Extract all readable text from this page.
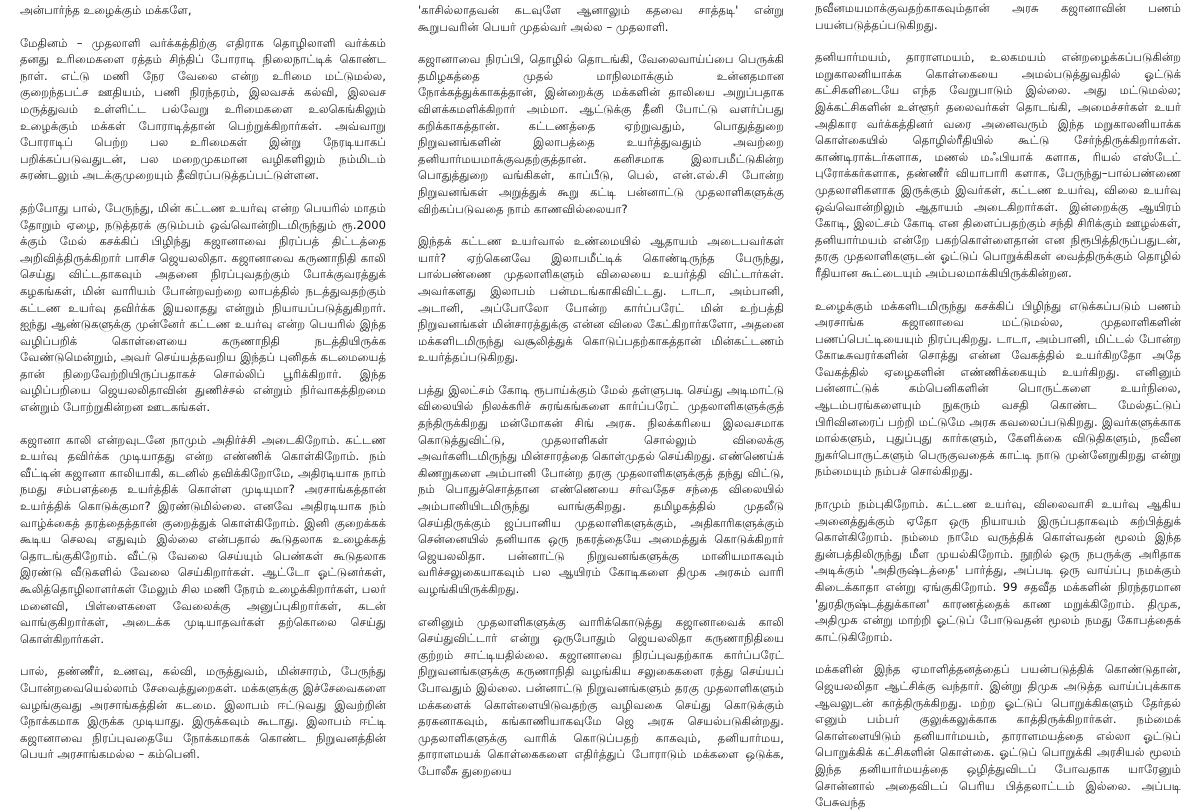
அன்பார்ந்த உழைக்கும் மக்களே,

மேதினம் – முதலாளி வர்க்கத்திற்கு எதிராக தொழிலாளி வர்க்கம் தனது உரிமைகளை ரத்தம் சிந்திப் போராடி நிலைநாட்டிக் கொண்ட நாள். எட்டு மணி நேர வேலை என்ற உரிமை மட்டுமல்ல, குறைந்தபட்ச ஊதியம், பணி நிரந்தரம், இலவசக் கல்வி, இலவச மருத்துவம் உள்ளிட்ட பல்வேறு உரிமைகளை உலகெங்கிலும் உழைக்கும் மக்கள் போராடித்தான் பெற்றுக்கிறார்கள். அவ்வாறு போராடிப் பெற்ற பல உரிமைகள் இன்று நேரடியாகப் பறிக்கப்படுவதுடன், பல மறைமுகமான வழிகளிலும் நம்மிடம் சுரண்டலும் அடக்குமுறையும் தீவிரப்படுத்தப்பட்டுள்ளன.

தற்போது பால், பேருந்து, மின் கட்டண உயர்வு என்ற பெயரில் மாதம் தோறும் ஏழை, நடுத்தரக் குடும்பம் ஒவ்வொன்றிடமிருந்தும் ரூ.2000 க்கும் மேல் கசக்கிப் பிழிந்து கஜானாவை நிரப்பத் திட்டத்தை அறிவித்திருக்கிறார் பாசிச ஜெயலலிதா. கஜானாவை கருணாநிதி காலி செய்து விட்டதாகவும் அதனை நிரப்புவதற்கும் போக்குவரத்துக் கழகங்கள், மின் வாரியம் போன்றவற்றை லாபத்தில் நடத்துவதற்கும் கட்டண உயர்வு தவிர்க்க இயலாதது என்றும் நியாயப்படுத்துகிறார். ஐந்து ஆண்டுகளுக்கு முன்னேர் கட்டண உயர்வு என்ற பெயரில் இந்த வழிப்பறிக் கொள்ளையை கருணாநிதி நடத்தியிருக்க வேண்டுமென்றும், அவர் செய்யத்தவறிய இந்தப் புனிதக் கடமையைத் தான் நிறைவேற்றியிருப்பதாகச் சொல்லிப் பூரிக்கிறார். இந்த வழிப்பறியை ஜெயலலிதாவின் துணிச்சல் என்றும் நிர்வாகத்திறமை என்றும் போற்றுகின்றன ஊடகங்கள்.

கஜானா காலி என்றவுடனே நாமும் அதிர்ச்சி அடைகிறோம். கட்டண உயர்வு தவிர்க்க முடியாதது என்ற எண்ணிக் கொள்கிறோம். நம் வீட்டின் கஜானா காலியாகி, கடனில் தவிக்கிறோமே, அதிரடியாக நாம் நமது சம்பளத்தை உயர்த்திக் கொள்ள முடியுமா? அரசாங்கத்தான் உயர்த்திக் கொடுக்குமா? இரண்டுமில்லை. எனவே அதிரடியாக நம் வாழ்க்கைத் தரத்தைத்தான் குறைத்துக் கொள்கிறோம். இனி குறைக்கக் கூடிய செலவு எதுவும் இல்லை என்பதால் கூடுதலாக உழைக்கத் தொடங்குகிறோம். வீட்டு வேலை செய்யும் பெண்கள் கூடுதலாக இரண்டு வீடுகளில் வேலை செய்கிறார்கள். ஆட்டோ ஓட்டுனர்கள், கூலித்தொழிலாளர்கள் மேலும் சில மணி நேரம் உழைக்கிறார்கள், பலர் மனைவி, பிள்ளைகளை வேலைக்கு அனுப்புகிறார்கள், கடன் வாங்குகிறார்கள், அடைக்க முடியாதவர்கள் தற்கொலை செய்து கொள்கிறார்கள்.

பால், தண்ணீர், உணவு, கல்வி, மருத்துவம், மின்சாரம், பேருந்து போன்றவையெல்லாம் சேவைத்துறைகள். மக்களுக்கு இச்சேவைகளை வழங்குவது அரசாங்கத்தின் கடமை. இலாபம் ஈட்டுவது இவற்றின் நோக்கமாக இருக்க முடியாது. இருக்கவும் கூடாது. இலாபம் ஈட்டி கஜானாவை நிரப்புவதையே நோக்கமாகக் கொண்ட நிறுவனத்தின் பெயர் அரசாங்கமல்ல – கம்பெனி.

'காசில்லாதவன் கடவுளே ஆனாலும் கதவை சாத்தடி' என்று கூறுபவரின் பெயர் முதல்வர் அல்ல – முதலாளி.

கஜானாவை நிரப்பி, தொழில் தொடங்கி, வேலைவாய்ப்பை பெருக்கி தமிழகத்தை முதல் மாநிலமாக்கும் உன்னதமான நோக்கத்துக்காகத்தான், இன்றைக்கு மக்களின் தாலியை அறுப்பதாக விளக்கமளிக்கிறார் அம்மா. ஆட்டுக்கு தீனி போட்டு வளர்ப்பது கறிக்காகத்தான். கட்டணத்தை ஏற்றுவதும், பொதுத்துறை நிறுவனங்களின் இலாபத்தை உயர்த்துவதும் அவற்றை தனியார்மயமாக்குவதற்குத்தான். கனிசமாக இலாபமீட்டுகின்ற பொதுத்துறை வங்கிகள், காப்பீடு, பெல், என்.எல்.சி போன்ற நிறுவனங்கள் அறுத்துக் கூறு கட்டி பன்னாட்டு முதலாளிகளுக்கு விற்கப்படுவதை நாம் காணவில்லையா?

இந்தக் கட்டண உயர்வால் உண்மையில் ஆதாயம் அடைபவர்கள் யார்? ஏற்கெனவே இலாபமீட்டிக் கொண்டிருந்த பேருந்து, பால்பண்ணை முதலாளிகளும் விலையை உயர்த்தி விட்டார்கள். அவர்களது இலாபம் பன்மடங்காகிவிட்டது. டாடா, அம்பானி, அடானி, அப்போலோ போன்ற கார்ப்பரேட் மின் உற்பத்தி நிறுவனங்கள் மின்சாரத்துக்கு என்ன விலை கேட்கிறார்களோ, அதனை மக்களிடமிருந்து வசூலித்துக் கொடுப்பதற்காகத்தான் மின்கட்டணம் உயர்த்தப்படுகிறது.

பத்து இலட்சம் கோடி ரூபாய்க்கும் மேல் தள்ளுபடி செய்து அடிமாட்டு விலையில் நிலக்கரிச் சுரங்கங்களை கார்ப்பரேட் முதலாளிகளுக்குத் தந்திருக்கிறது மன்மோகன் சிங் அரசு. நிலக்கரியை இலவசமாக கொடுத்துவிட்டு, முதலாளிகள் சொல்லும் விலைக்கு அவர்களிடமிருந்து மின்சாரத்தை கொள்முதல் செய்கிறது. எண்ணெய்க் கிணறுகளை அம்பானி போன்ற தரகு முதலாளிகளுக்குத் தந்து விட்டு, நம் பொதுச்சொத்தான எண்ணெயை சர்வதேச சந்தை விலையில் அம்பானியிடமிருந்து வாங்குகிறது. தமிழகத்தில் முதலீடு செய்திருக்கும் ஜப்பானிய முதலாளிகளுக்கும், அதிகாரிகளுக்கும் சென்னையில் தனியாக ஒரு நகரத்தையே அமைத்துக் கொடுக்கிறார் ஜெயலலிதா. பன்னாட்டு நிறுவனங்களுக்கு மானியமாகவும் வரிச்சலுகையாகவும் பல ஆயிரம் கோடிகளை திமுக அரசும் வாரி வழங்கியிருக்கிறது.

எனினும் முதலாளிகளுக்கு வாரிக்கொடுத்து கஜானாவைக் காலி செய்துவிட்டார் என்று ஒருபோதும் ஜெயலலிதா கருணாநிதியை குற்றம் சாட்டியதில்லை. கஜானாவை நிரப்புவதற்காக கார்ப்பரேட் நிறுவனங்களுக்கு கருணாநிதி வழங்கிய சலுகைகளை ரத்து செய்யப் போவதும் இல்லை. பன்னாட்டு நிறுவனங்களும் தரகு முதலாளிகளும் மக்களைக் கொள்ளையிடுவதற்கு வழிவகை செய்து கொடுக்கும் தரகனாகவும், கங்காணியாகவுமே ஜெ அரசு செயல்படுகின்றது. முதலாளிகளுக்கு வாரிக் கொடுப்பதற் காகவும், தனியார்மய, தாராளமயக் கொள்கைகளை எதிர்த்துப் போராடும் மக்களை ஒடுக்க, போலீசு துறையை

நவீனமயமாக்குவதற்காகவும்தான் அரசு கஜானாவின் பணம் பயன்படுத்தப்படுகிறது.

தனியார்மயம், தாராளமயம், உலகமயம் என்றழைக்கப்படுகின்ற மறுகாலனியாக்க கொள்கையை அமல்படுத்துவதில் ஓட்டுக் கட்சிகளிடையே எந்த வேறுபாடும் இல்லை. அது மட்டுமல்ல; இக்கட்சிகளின் உள்ளூர் தலைவர்கள் தொடங்கி, அமைச்சர்கள் உயர் அதிகார வர்க்கத்தினர் வரை அனைவரும் இந்த மறுகாலனியாக்க கொள்கையில் தொழில்ரீதியில் கூட்டு சேர்ந்திருக்கிறார்கள். காண்டிராக்டர்களாக, மணல் மஃபியாக் களாக, ரியல் எஸ்டேட் புரோக்கர்களாக, தண்ணீர் வியாபாரி களாக, பேருந்து–பால்பண்ணை முதலாளிகளாக இருக்கும் இவர்கள், கட்டண உயர்வு, விலை உயர்வு ஒவ்வொன்றிலும் ஆதாயம் அடைகிறார்கள். இன்றைக்கு ஆயிரம் கோடி, இலட்சம் கோடி என திளைப்பதற்கும் சந்தி சிரிக்கும் ஊழல்கள், தனியார்மயம் என்றே பகற்கொள்ளைதான் என நிரூபித்திருப்பதுடன், தரகு முதலாளிகளுடன் ஓட்டுப் பொறுக்கிகள் வைத்திருக்கும் தொழில் ரீதியான கூட்டையும் அம்பலமாக்கியிருக்கின்றன.

உழைக்கும் மக்களிடமிருந்து கசக்கிப் பிழிந்து எடுக்கப்படும் பணம் அரசாங்க கஜானாவை மட்டுமல்ல, முதலாளிகளின் பணப்பெட்டியையும் நிரப்புகிறது. டாடா, அம்பானி, மிட்டல் போன்ற கோடீசுவரர்களின் சொத்து என்ன வேகத்தில் உயர்கிறதோ அதே வேகத்தில் ஏழைகளின் எண்ணிக்கையும் உயர்கிறது. எனினும் பன்னாட்டுக் கம்பெனிகளின் பொருட்களை உயர்நிலை, ஆடம்பரங்களையும் நுகரும் வசதி கொண்ட மேல்தட்டுப் பிரிவினரைப் பற்றி மட்டுமே அரசு கவலைப்படுகிறது. இவர்களுக்காக மால்களும், புதுப்புது கார்களும், கேளிக்கை விடுதிகளும், நவீன நுகர்பொருட்களும் பெருகுவதைக் காட்டி நாடு முன்னேறுகிறது என்று நம்மையும் நம்பச் சொல்கிறது.

நாமும் நம்புகிறோம். கட்டண உயர்வு, விலைவாசி உயர்வு ஆகிய அனைத்துக்கும் ஏதோ ஒரு நியாயம் இருப்பதாகவும் கற்பித்துக் கொள்கிறோம். நம்மை நாமே வருத்திக் கொள்வதன் மூலம் இந்த துன்பத்திலிருந்து மீள முயல்கிறோம். நூறில் ஒரு நபருக்கு அரிதாக அடிக்கும் 'அதிருஷ்டத்தை' பார்த்து, அப்படி ஒரு வாய்ப்பு நமக்கும் கிடைக்காதா என்று ஏங்குகிறோம். 99 சதவீத மக்களின் நிரந்தரமான 'துரதிருஷ்டத்துக்கான' காரணத்தைக் காண மறுக்கிறோம். திமுக, அதிமுக என்று மாற்றி ஓட்டுப் போடுவதன் மூலம் நமது கோபத்தைக் காட்டுகிறோம்.

மக்களின் இந்த ஏமாளித்தனத்தைப் பயன்படுத்திக் கொண்டுதான், ஜெயலலிதா ஆட்சிக்கு வந்தார். இன்று திமுக அடுத்த வாய்ப்புக்காக ஆவலுடன் காத்திருக்கிறது. மற்ற ஓட்டுப் பொறுக்கிகளும் தேர்தல் எனும் பம்பர் குலுக்கலுக்காக காத்திருக்கிறார்கள். நம்மைக் கொள்ளையிடும் தனியார்மயம், தாராளமயத்தை எல்லா ஓட்டுப் பொறுக்கிக் கட்சிகளின் கொள்கை. ஓட்டுப் பொறுக்கி அரசியல் மூலம் இந்த தனியார்மயத்தை ஒழித்துவிடப் போவதாக யாரேனும் சொன்னால் அதைவிடப் பெரிய பித்தலாட்டம் இல்லை. அப்படி பேசுவந்த
